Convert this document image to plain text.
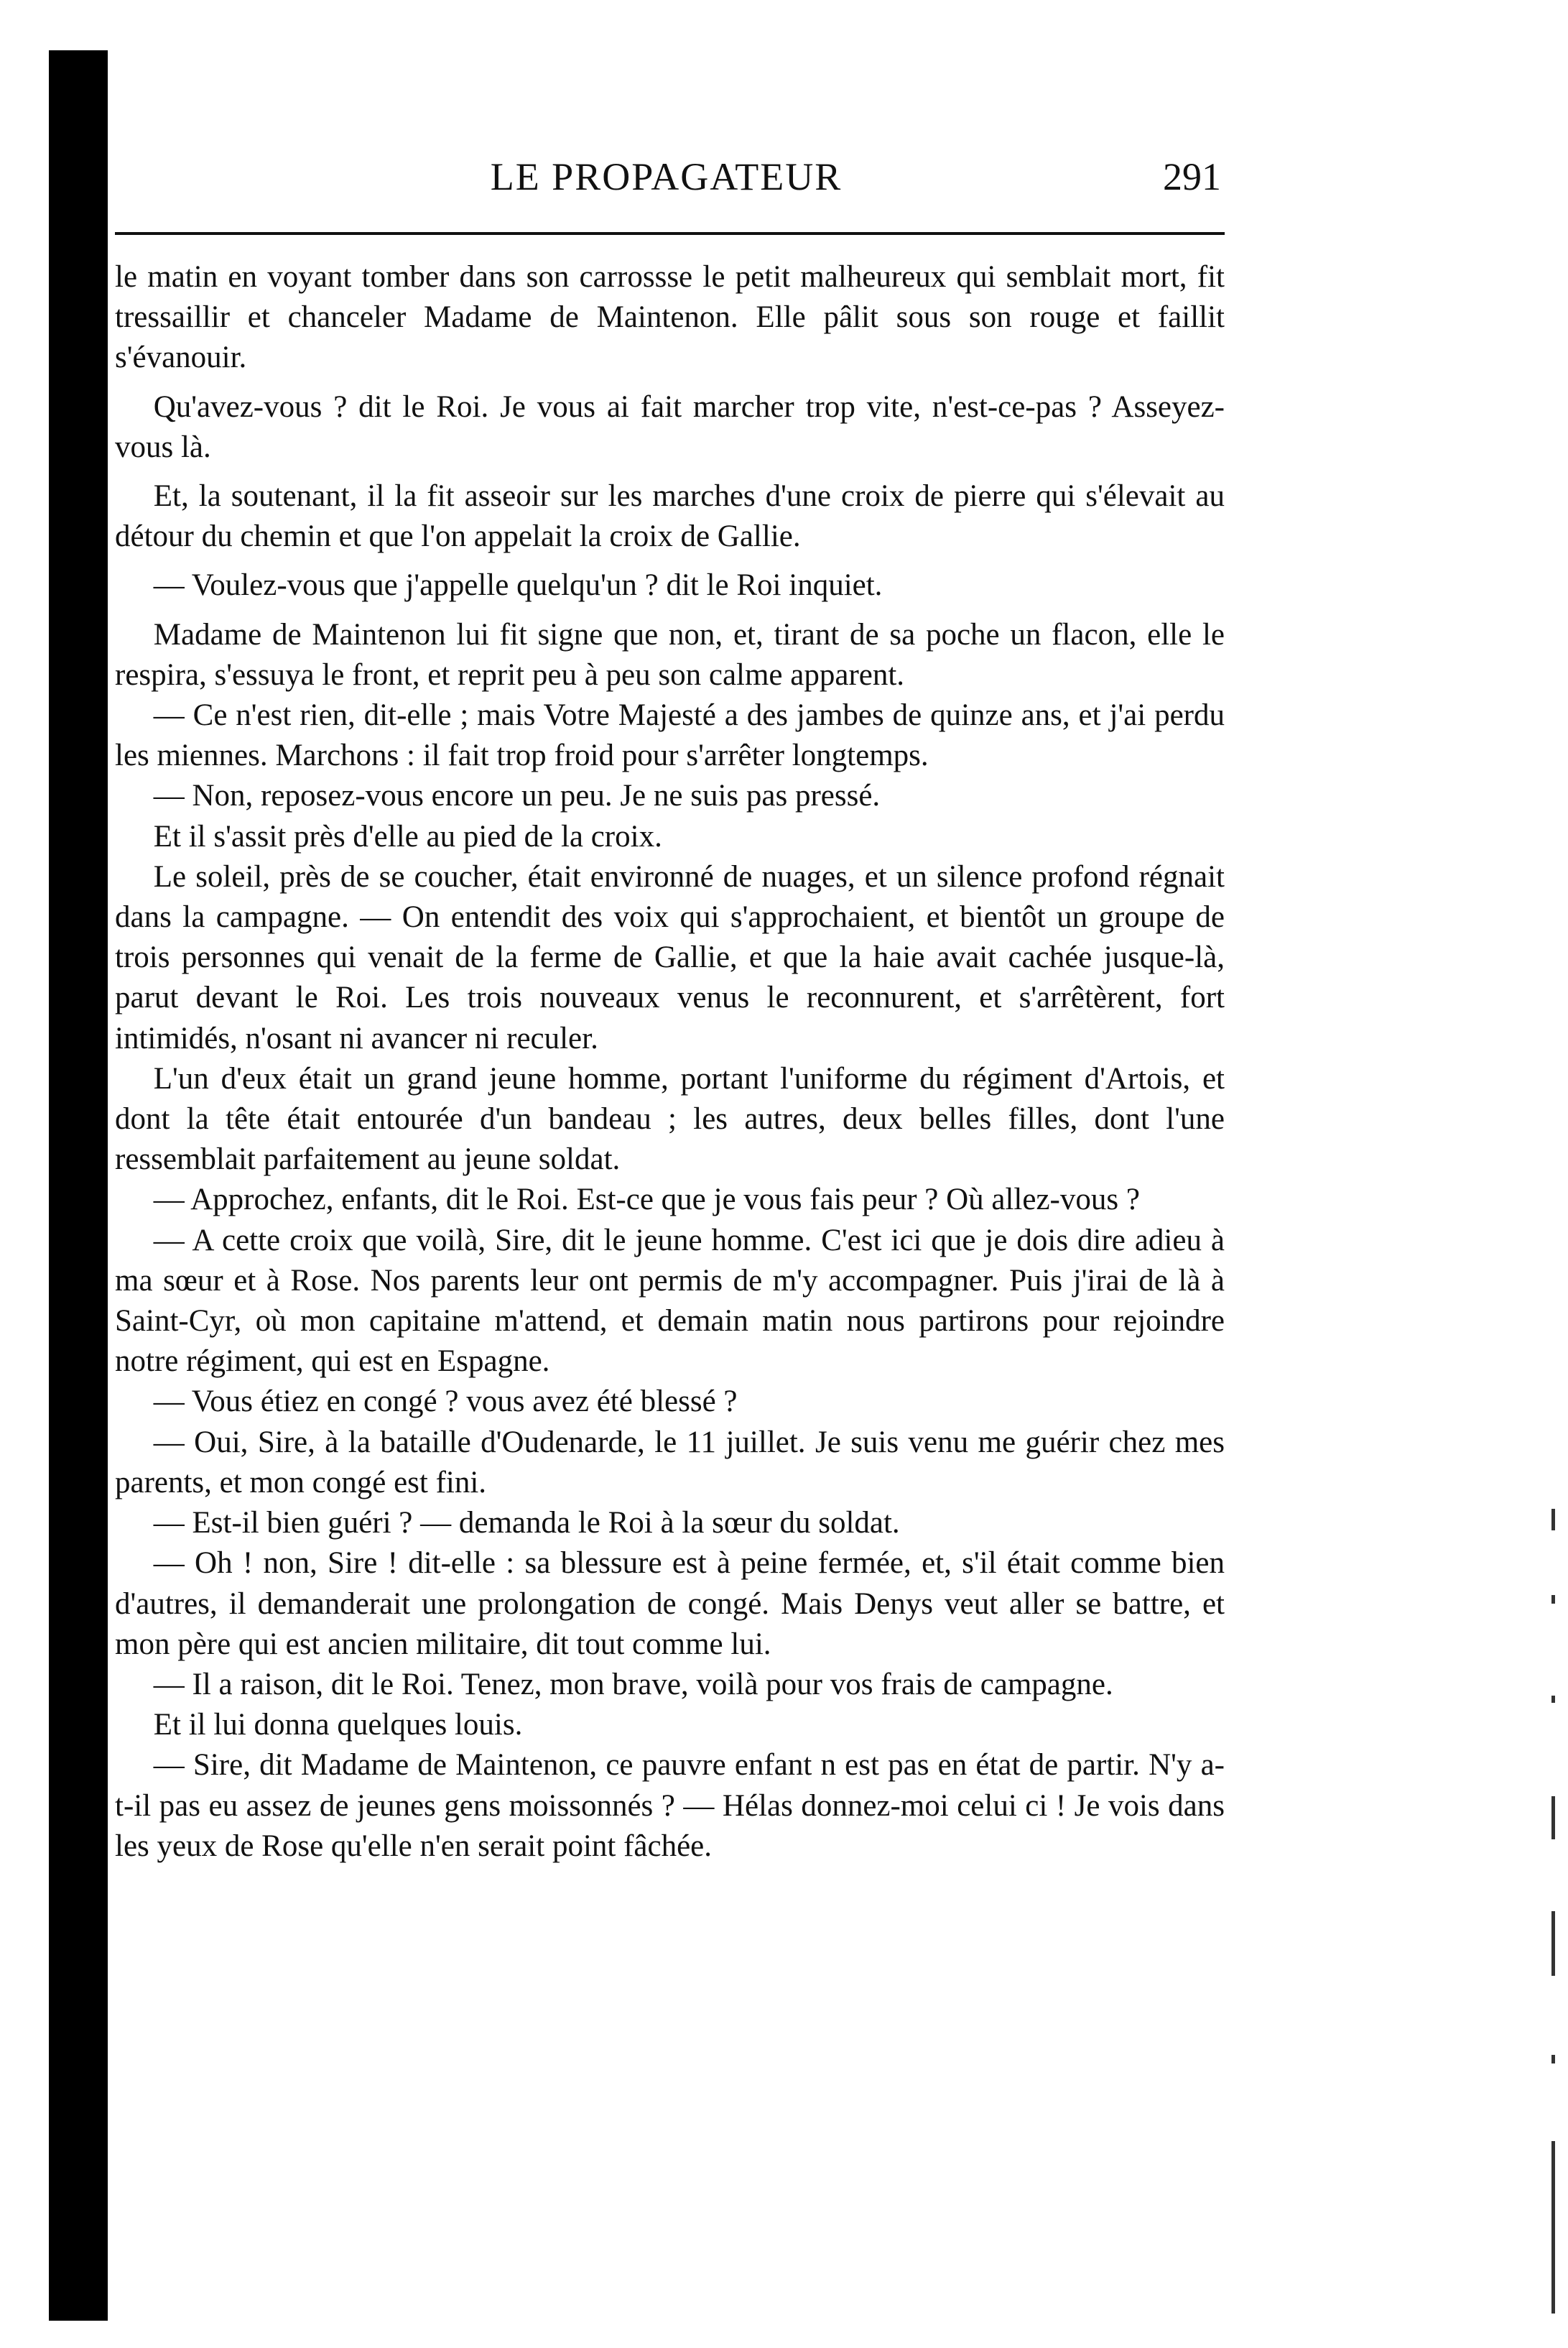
LE PROPAGATEUR	291

le matin en voyant tomber dans son carrossse le petit malheureux qui semblait mort, fit tressaillir et chanceler Madame de Maintenon. Elle pâlit sous son rouge et faillit s'évanouir.

Qu'avez-vous ? dit le Roi. Je vous ai fait marcher trop vite, n'est-ce-pas ? Asseyez-vous là.

Et, la soutenant, il la fit asseoir sur les marches d'une croix de pierre qui s'élevait au détour du chemin et que l'on appelait la croix de Gallie.

— Voulez-vous que j'appelle quelqu'un ? dit le Roi inquiet.

Madame de Maintenon lui fit signe que non, et, tirant de sa poche un flacon, elle le respira, s'essuya le front, et reprit peu à peu son calme apparent.

— Ce n'est rien, dit-elle ; mais Votre Majesté a des jambes de quinze ans, et j'ai perdu les miennes. Marchons : il fait trop froid pour s'arrêter longtemps.

— Non, reposez-vous encore un peu. Je ne suis pas pressé.

Et il s'assit près d'elle au pied de la croix.

Le soleil, près de se coucher, était environné de nuages, et un silence profond régnait dans la campagne. — On entendit des voix qui s'approchaient, et bientôt un groupe de trois personnes qui venait de la ferme de Gallie, et que la haie avait cachée jusque-là, parut devant le Roi. Les trois nouveaux venus le reconnurent, et s'arrêtèrent, fort intimidés, n'osant ni avancer ni reculer.

L'un d'eux était un grand jeune homme, portant l'uniforme du régiment d'Artois, et dont la tête était entourée d'un bandeau ; les autres, deux belles filles, dont l'une ressemblait parfaitement au jeune soldat.

— Approchez, enfants, dit le Roi. Est-ce que je vous fais peur ? Où allez-vous ?

— A cette croix que voilà, Sire, dit le jeune homme. C'est ici que je dois dire adieu à ma sœur et à Rose. Nos parents leur ont permis de m'y accompagner. Puis j'irai de là à Saint-Cyr, où mon capitaine m'attend, et demain matin nous partirons pour rejoindre notre régiment, qui est en Espagne.

— Vous étiez en congé ? vous avez été blessé ?

— Oui, Sire, à la bataille d'Oudenarde, le 11 juillet. Je suis venu me guérir chez mes parents, et mon congé est fini.

— Est-il bien guéri ? — demanda le Roi à la sœur du soldat.

— Oh ! non, Sire ! dit-elle : sa blessure est à peine fermée, et, s'il était comme bien d'autres, il demanderait une prolongation de congé. Mais Denys veut aller se battre, et mon père qui est ancien militaire, dit tout comme lui.

— Il a raison, dit le Roi. Tenez, mon brave, voilà pour vos frais de campagne.

Et il lui donna quelques louis.

— Sire, dit Madame de Maintenon, ce pauvre enfant n est pas en état de partir. N'y a-t-il pas eu assez de jeunes gens moissonnés ? — Hélas donnez-moi celui ci ! Je vois dans les yeux de Rose qu'elle n'en serait point fâchée.
